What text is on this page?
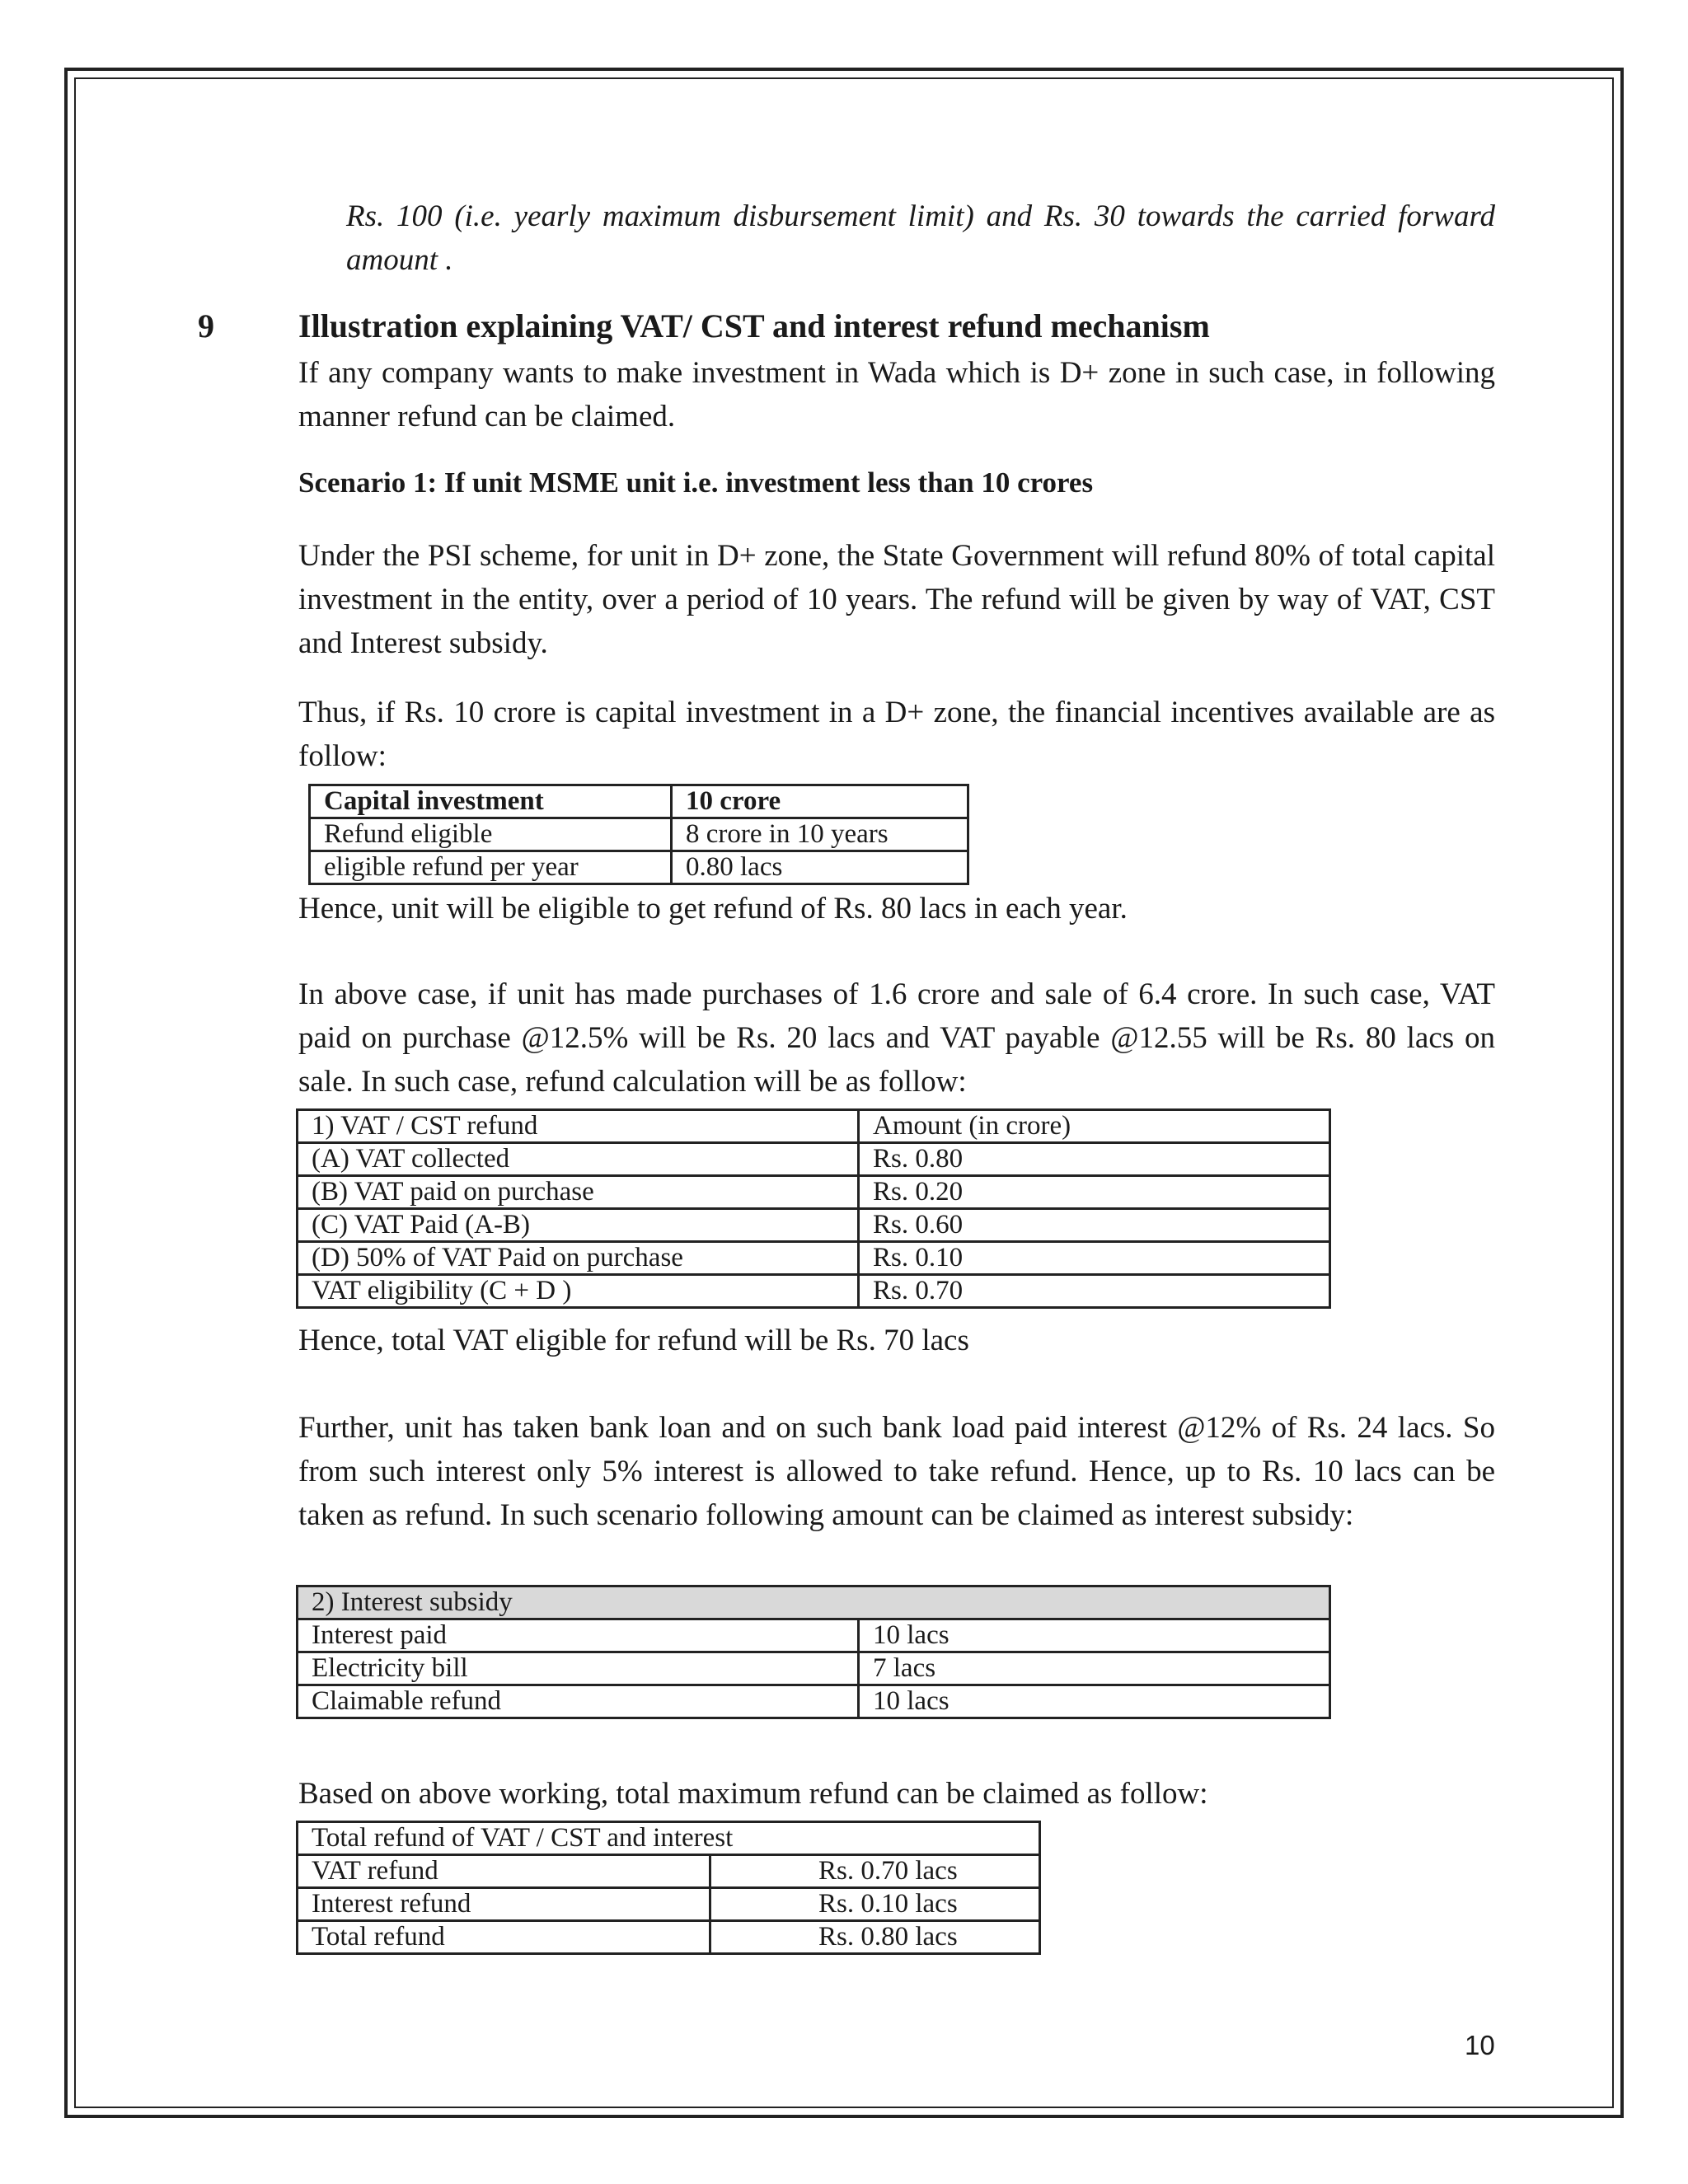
Rs. 100 (i.e. yearly maximum disbursement limit) and Rs. 30 towards the carried forward amount .
9	Illustration explaining VAT/ CST and interest refund mechanism
If any company wants to make investment in Wada which is D+ zone in such case, in following manner refund can be claimed.
Scenario 1: If unit MSME unit i.e. investment less than 10 crores
Under the PSI scheme, for unit in D+ zone, the State Government will refund 80% of total capital investment in the entity, over a period of 10 years. The refund will be given by way of VAT, CST and Interest subsidy.
Thus, if Rs. 10 crore is capital investment in a D+ zone, the financial incentives available are as follow:
Capital investment	10 crore
Refund eligible	8 crore in 10 years
eligible refund per year	0.80 lacs
Hence, unit will be eligible to get refund of Rs. 80 lacs in each year.
In above case, if unit has made purchases of 1.6 crore and sale of 6.4 crore. In such case, VAT paid on purchase @12.5% will be Rs. 20 lacs and VAT payable @12.55 will be Rs. 80 lacs on sale. In such case, refund calculation will be as follow:
1) VAT / CST refund	Amount (in crore)
(A) VAT collected	Rs. 0.80
(B) VAT paid on purchase	Rs. 0.20
(C) VAT Paid (A-B)	Rs. 0.60
(D) 50% of VAT Paid on purchase	Rs. 0.10
VAT eligibility (C + D )	Rs. 0.70
Hence, total VAT eligible for refund will be Rs. 70 lacs
Further, unit has taken bank loan and on such bank load paid interest @12% of Rs. 24 lacs. So from such interest only 5% interest is allowed to take refund. Hence, up to Rs. 10 lacs can be taken as refund. In such scenario following amount can be claimed as interest subsidy:
2) Interest subsidy	
Interest paid	10 lacs
Electricity bill	7 lacs
Claimable refund	10 lacs
Based on above working, total maximum refund can be claimed as follow:
Total refund of VAT / CST and interest	
VAT refund	Rs. 0.70 lacs
Interest refund	Rs. 0.10 lacs
Total refund	Rs. 0.80 lacs
10
